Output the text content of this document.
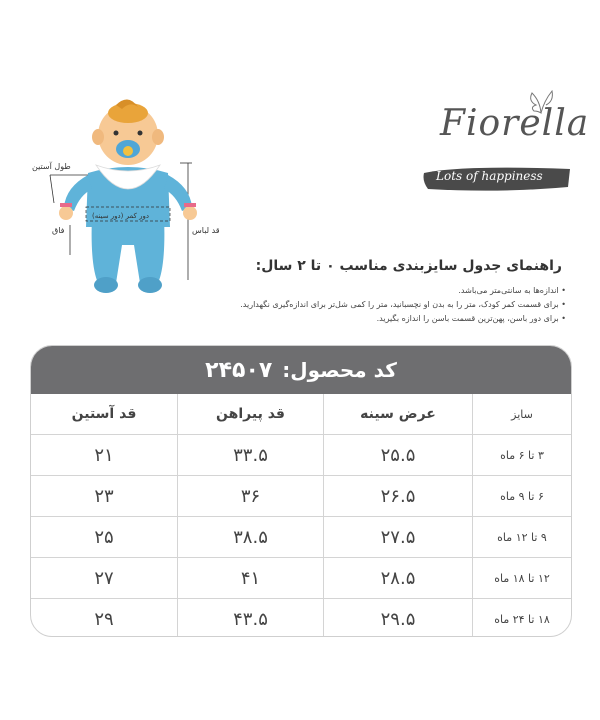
طول آستین
دور کمر (دور سینه)
فاق	قد لباس
Fiorella
Lots of happiness
راهنمای جدول سایزبندی مناسب ۰ تا ۲ سال:
• اندازه‌ها به سانتی‌متر می‌باشد.
• برای قسمت کمر کودک، متر را به بدن او نچسبانید، متر را کمی شل‌تر برای اندازه‌گیری نگهدارید.
• برای دور باسن، پهن‌ترین قسمت باسن را اندازه بگیرید.
کد محصول:
۲۴۵۰۷
سایز
عرض سینه
قد پیراهن
قد آستین
۳ تا ۶ ماه
۲۵.۵
۳۳.۵
۲۱
۶ تا ۹ ماه
۲۶.۵
۳۶
۲۳
۹ تا ۱۲ ماه
۲۷.۵
۳۸.۵
۲۵
۱۲ تا ۱۸ ماه
۲۸.۵
۴۱
۲۷
۱۸ تا ۲۴ ماه
۲۹.۵
۴۳.۵
۲۹
